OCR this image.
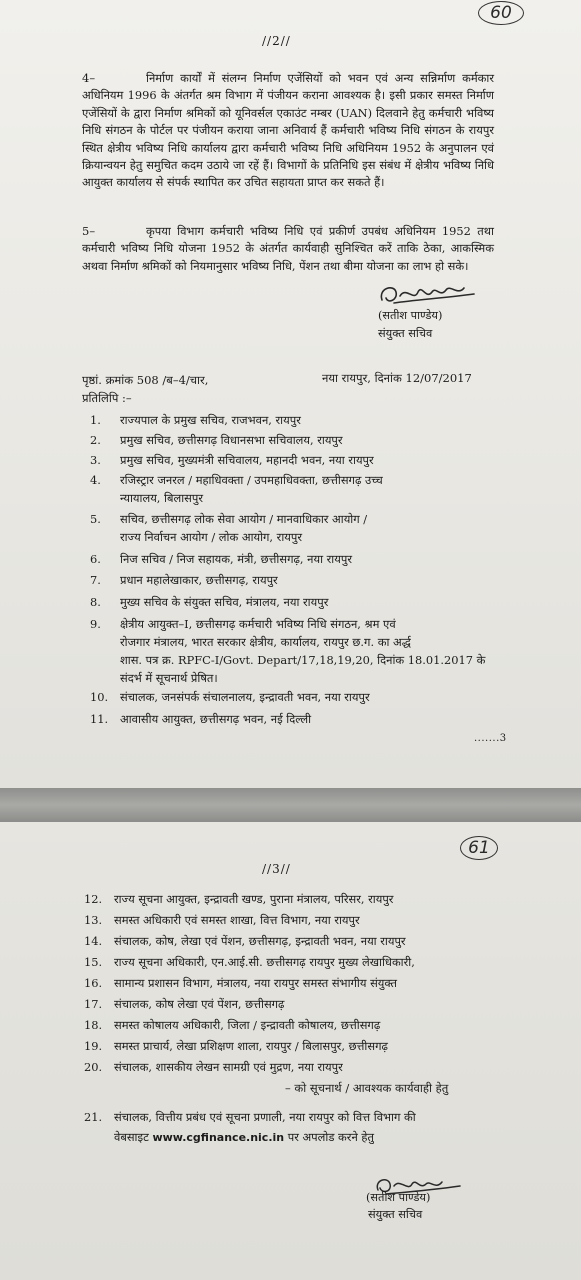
60
//2//
4–	निर्माण कार्यों में संलग्न निर्माण एजेंसियों को भवन एवं अन्य सन्निर्माण कर्मकार अधिनियम 1996 के अंतर्गत श्रम विभाग में पंजीयन कराना आवश्यक है। इसी प्रकार समस्त निर्माण एजेंसियों के द्वारा निर्माण श्रमिकों को यूनिवर्सल एकाउंट नम्बर (UAN) दिलवाने हेतु कर्मचारी भविष्य निधि संगठन के पोर्टल पर पंजीयन कराया जाना अनिवार्य हैं कर्मचारी भविष्य निधि संगठन के रायपुर स्थित क्षेत्रीय भविष्य निधि कार्यालय द्वारा कर्मचारी भविष्य निधि अधिनियम 1952 के अनुपालन एवं क्रियान्वयन हेतु समुचित कदम उठाये जा रहें हैं। विभागों के प्रतिनिधि इस संबंध में क्षेत्रीय भविष्य निधि आयुक्त कार्यालय से संपर्क स्थापित कर उचित सहायता प्राप्त कर सकते हैं।
5–	कृपया विभाग कर्मचारी भविष्य निधि एवं प्रकीर्ण उपबंध अधिनियम 1952 तथा कर्मचारी भविष्य निधि योजना 1952 के अंतर्गत कार्यवाही सुनिश्चित करें ताकि ठेका, आकस्मिक अथवा निर्माण श्रमिकों को नियमानुसार भविष्य निधि, पेंशन तथा बीमा योजना का लाभ हो सके।
(सतीश पाण्डेय)
संयुक्त सचिव
पृष्ठां. क्रमांक 508 /ब–4/चार,	नया रायपुर, दिनांक 12/07/2017
प्रतिलिपि :–
1. राज्यपाल के प्रमुख सचिव, राजभवन, रायपुर
2. प्रमुख सचिव, छत्तीसगढ़ विधानसभा सचिवालय, रायपुर
3. प्रमुख सचिव, मुख्यमंत्री सचिवालय, महानदी भवन, नया रायपुर
4. रजिस्ट्रार जनरल / महाधिवक्ता / उपमहाधिवक्ता, छत्तीसगढ़ उच्च
न्यायालय, बिलासपुर
5. सचिव, छत्तीसगढ़ लोक सेवा आयोग / मानवाधिकार आयोग /
राज्य निर्वाचन आयोग / लोक आयोग, रायपुर
6. निज सचिव / निज सहायक, मंत्री, छत्तीसगढ़, नया रायपुर
7. प्रधान महालेखाकार, छत्तीसगढ़, रायपुर
8. मुख्य सचिव के संयुक्त सचिव, मंत्रालय, नया रायपुर
9. क्षेत्रीय आयुक्त–I, छत्तीसगढ़ कर्मचारी भविष्य निधि संगठन, श्रम एवं
रोजगार मंत्रालय, भारत सरकार क्षेत्रीय, कार्यालय, रायपुर छ.ग. का अर्द्ध
शास. पत्र क्र. RPFC-I/Govt. Depart/17,18,19,20, दिनांक 18.01.2017 के
संदर्भ में सूचनार्थ प्रेषित।
10. संचालक, जनसंपर्क संचालनालय, इन्द्रावती भवन, नया रायपुर
11. आवासीय आयुक्त, छत्तीसगढ़ भवन, नई दिल्ली
.......3
61
//3//
12. राज्य सूचना आयुक्त, इन्द्रावती खण्ड, पुराना मंत्रालय, परिसर, रायपुर
13. समस्त अधिकारी एवं समस्त शाखा, वित्त विभाग, नया रायपुर
14. संचालक, कोष, लेखा एवं पेंशन, छत्तीसगढ़, इन्द्रावती भवन, नया रायपुर
15. राज्य सूचना अधिकारी, एन.आई.सी. छत्तीसगढ़ रायपुर मुख्य लेखाधिकारी,
16. सामान्य प्रशासन विभाग, मंत्रालय, नया रायपुर समस्त संभागीय संयुक्त
17. संचालक, कोष लेखा एवं पेंशन, छत्तीसगढ़
18. समस्त कोषालय अधिकारी, जिला / इन्द्रावती कोषालय, छत्तीसगढ़
19. समस्त प्राचार्य, लेखा प्रशिक्षण शाला, रायपुर / बिलासपुर, छत्तीसगढ़
20. संचालक, शासकीय लेखन सामग्री एवं मुद्रण, नया रायपुर
– को सूचनार्थ / आवश्यक कार्यवाही हेतु
21. संचालक, वित्तीय प्रबंध एवं सूचना प्रणाली, नया रायपुर को वित्त विभाग की
वेबसाइट www.cgfinance.nic.in पर अपलोड करने हेतु
(सतीश पाण्डेय)
संयुक्त सचिव
